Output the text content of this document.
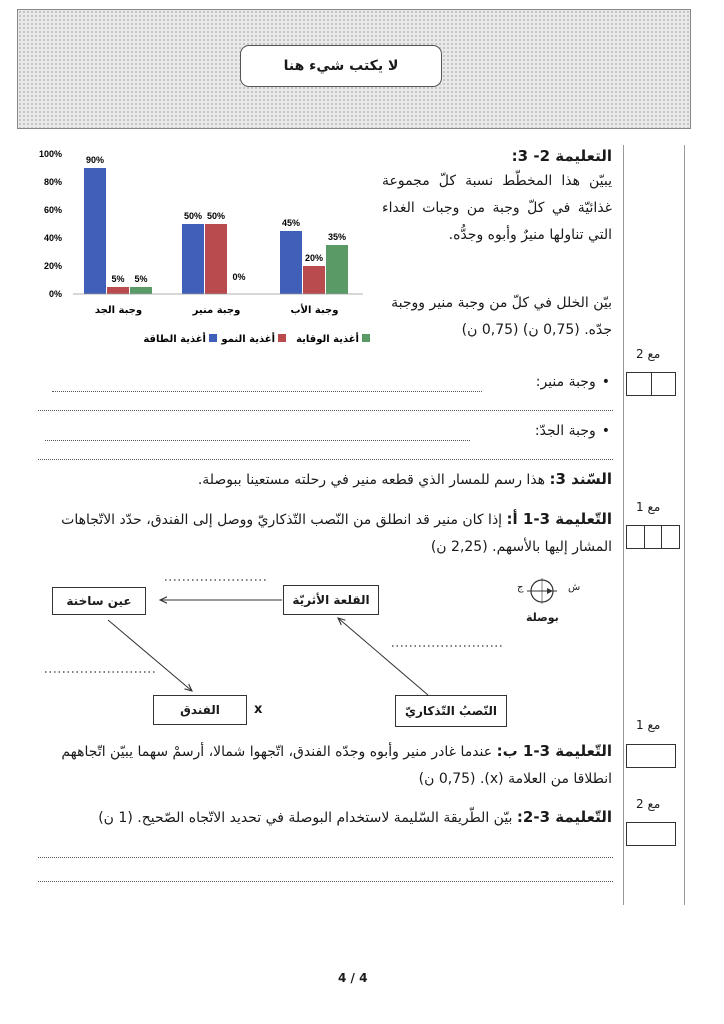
لا يكتب شيء هنا
مع 2
مع 1
مع 1
مع 2
التعليمة 2- 3:
يبيّن هذا المخطّط نسبة كلّ مجموعة غذائيّة في كلّ وجبة من وجبات الغداء التي تناولها منيرٌ وأبوه وجدُّه.
بيّن الخلل في كلّ من وجبة منير ووجبة جدّه. (0,75 ن) (0,75 ن)
0%
20%
40%
60%
80%
100%
90%
5% 5%
50% 50%
0%
45%
20%
35%
وجبة الجد	وجبة منير	وجبة الأب
أغذية الطاقة أغذية النمو أغذية الوقاية
•وجبة منير:
•وجبة الجدّ:
السّند 3: هذا رسم للمسار الذي قطعه منير في رحلته مستعينا ببوصلة.
التّعليمة 3-1 أ: إذا كان منير قد انطلق من النّصب التّذكاريّ ووصل إلى الفندق، حدّد الاتّجاهات المشار إليها بالأسهم. (2,25 ن)
عين ساخنة	القلعة الأثريّة
الفندق	النّصبُ التّذكاريّ
x
ش
ج
بوصلة
التّعليمة 3-1 ب: عندما غادر منير وأبوه وجدّه الفندق، اتّجهوا شمالا، أرسمْ سهما يبيّن اتّجاههم انطلاقا من العلامة (x). (0,75 ن)
التّعليمة 3-2: بيّن الطّريقة السّليمة لاستخدام البوصلة في تحديد الاتّجاه الصّحيح. (1 ن)
4 / 4
